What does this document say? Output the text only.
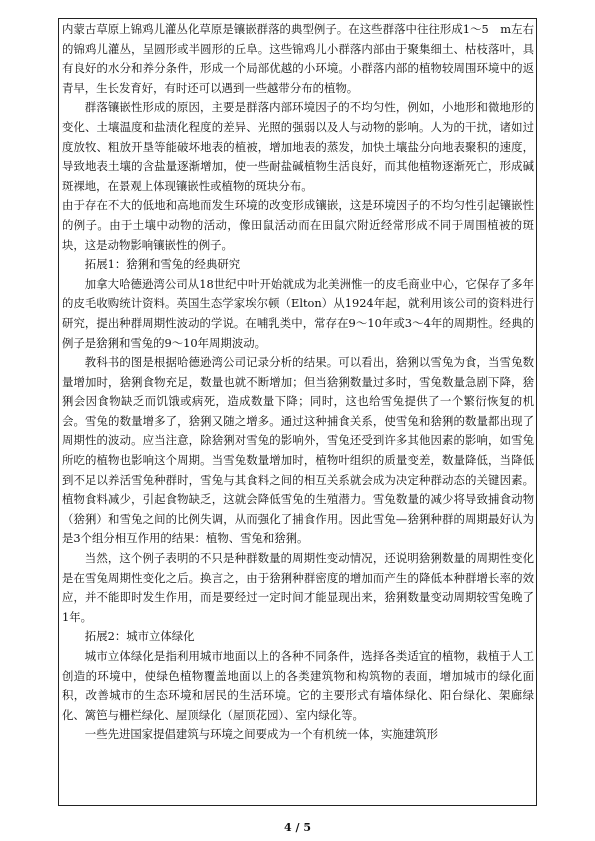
内蒙古草原上锦鸡儿灌丛化草原是镶嵌群落的典型例子。在这些群落中往往形成1～5　m左右的锦鸡儿灌丛，呈圆形或半圆形的丘阜。这些锦鸡儿小群落内部由于聚集细土、枯枝落叶，具有良好的水分和养分条件，形成一个局部优越的小环境。小群落内部的植物较周围环境中的返青早，生长发育好，有时还可以遇到一些越带分布的植物。

群落镶嵌性形成的原因，主要是群落内部环境因子的不均匀性，例如，小地形和微地形的变化、土壤温度和盐渍化程度的差异、光照的强弱以及人与动物的影响。人为的干扰，诸如过度放牧、粗放开垦等能破坏地表的植被，增加地表的蒸发，加快土壤盐分向地表聚积的速度，导致地表土壤的含盐量逐渐增加，使一些耐盐碱植物生活良好，而其他植物逐渐死亡，形成碱斑裸地，在景观上体现镶嵌性或植物的斑块分布。

由于存在不大的低地和高地而发生环境的改变形成镶嵌，这是环境因子的不均匀性引起镶嵌性的例子。由于土壤中动物的活动，像田鼠活动而在田鼠穴附近经常形成不同于周围植被的斑块，这是动物影响镶嵌性的例子。

拓展1：猞猁和雪兔的经典研究

加拿大哈德逊湾公司从18世纪中叶开始就成为北美洲惟一的皮毛商业中心，它保存了多年的皮毛收购统计资料。英国生态学家埃尔顿（Elton）从1924年起，就利用该公司的资料进行研究，提出种群周期性波动的学说。在哺乳类中，常存在9～10年或3～4年的周期性。经典的例子是猞猁和雪兔的9～10年周期波动。

教科书的图是根据哈德逊湾公司记录分析的结果。可以看出，猞猁以雪兔为食，当雪兔数量增加时，猞猁食物充足，数量也就不断增加；但当猞猁数量过多时，雪兔数量急剧下降，猞猁会因食物缺乏而饥饿或病死，造成数量下降；同时，这也给雪兔提供了一个繁衍恢复的机会。雪兔的数量增多了，猞猁又随之增多。通过这种捕食关系，使雪兔和猞猁的数量都出现了周期性的波动。应当注意，除猞猁对雪兔的影响外，雪兔还受到许多其他因素的影响，如雪兔所吃的植物也影响这个周期。当雪兔数量增加时，植物叶组织的质量变差，数量降低，当降低到不足以养活雪兔种群时，雪兔与其食料之间的相互关系就会成为决定种群动态的关键因素。植物食料减少，引起食物缺乏，这就会降低雪兔的生殖潜力。雪兔数量的减少将导致捕食动物（猞猁）和雪兔之间的比例失调，从而强化了捕食作用。因此雪兔—猞猁种群的周期最好认为是3个组分相互作用的结果：植物、雪兔和猞猁。

当然，这个例子表明的不只是种群数量的周期性变动情况，还说明猞猁数量的周期性变化是在雪兔周期性变化之后。换言之，由于猞猁种群密度的增加而产生的降低本种群增长率的效应，并不能即时发生作用，而是要经过一定时间才能显现出来，猞猁数量变动周期较雪兔晚了1年。

拓展2：城市立体绿化

城市立体绿化是指利用城市地面以上的各种不同条件，选择各类适宜的植物，栽植于人工创造的环境中，使绿色植物覆盖地面以上的各类建筑物和构筑物的表面，增加城市的绿化面积，改善城市的生态环境和居民的生活环境。它的主要形式有墙体绿化、阳台绿化、架廊绿化、篱笆与栅栏绿化、屋顶绿化（屋顶花园）、室内绿化等。

一些先进国家提倡建筑与环境之间要成为一个有机统一体，实施建筑形

4 / 5
